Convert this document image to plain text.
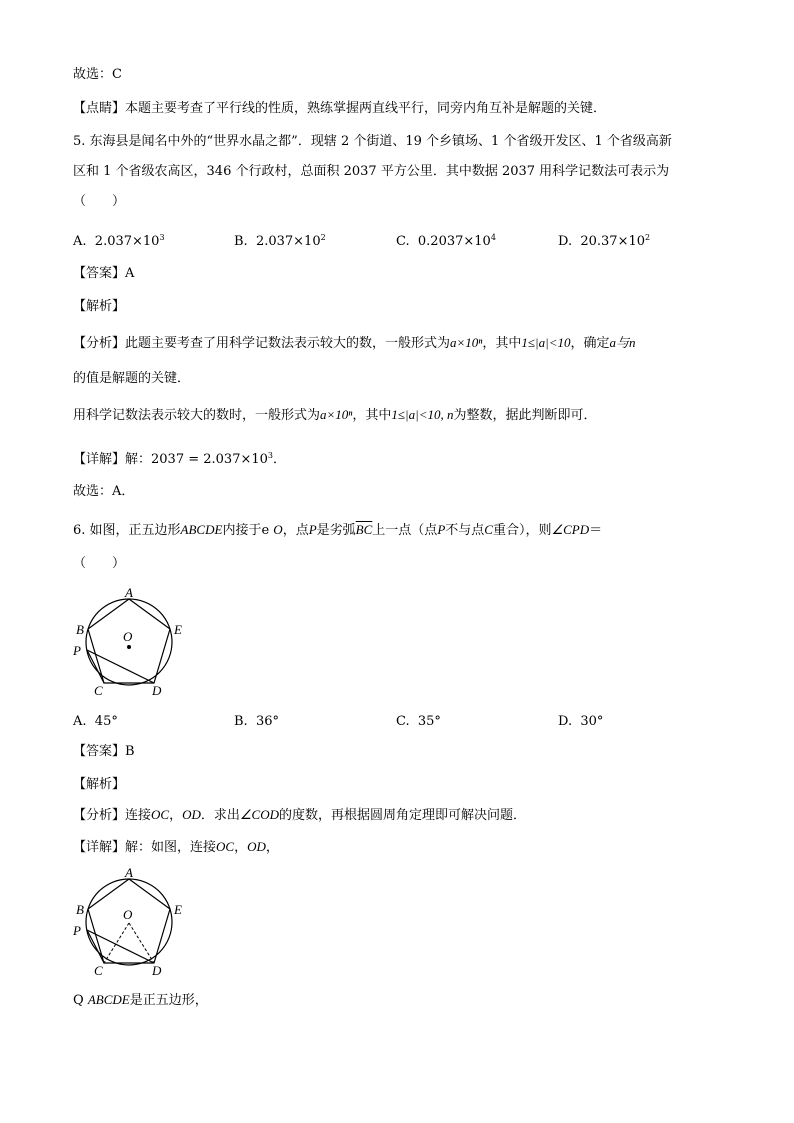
故选：C
【点睛】本题主要考查了平行线的性质，熟练掌握两直线平行，同旁内角互补是解题的关键．
5. 东海县是闻名中外的“世界水晶之都”．现辖 2 个街道、19 个乡镇场、1 个省级开发区、1 个省级高新
区和 1 个省级农高区，346 个行政村，总面积 2037 平方公里．其中数据 2037 用科学记数法可表示为
（　　）
A. $2.037\times 10^3$	B. $2.037\times 10^2$	C. $0.2037\times 10^4$	D. $20.37\times 10^2$
【答案】A
【解析】
【分析】此题主要考查了用科学记数法表示较大的数，一般形式为a×10ⁿ，其中1≤|a|<10，确定a与n
的值是解题的关键．
用科学记数法表示较大的数时，一般形式为a×10ⁿ，其中1≤|a|<10, n为整数，据此判断即可．
【详解】解：$2037 = 2.037\times 10^3$．
故选：A．
6. 如图，正五边形ABCDE内接于e O，点P是劣弧$\overline{BC}$上一点（点P不与点C重合），则∠CPD＝
（　　）
A
B	E
O
P
C	D
A. 45°	B. 36°	C. 35°	D. 30°
【答案】B
【解析】
【分析】连接OC，OD．求出∠COD的度数，再根据圆周角定理即可解决问题．
【详解】解：如图，连接OC，OD，
A
B	E
O
P
C	D
Q ABCDE是正五边形，
